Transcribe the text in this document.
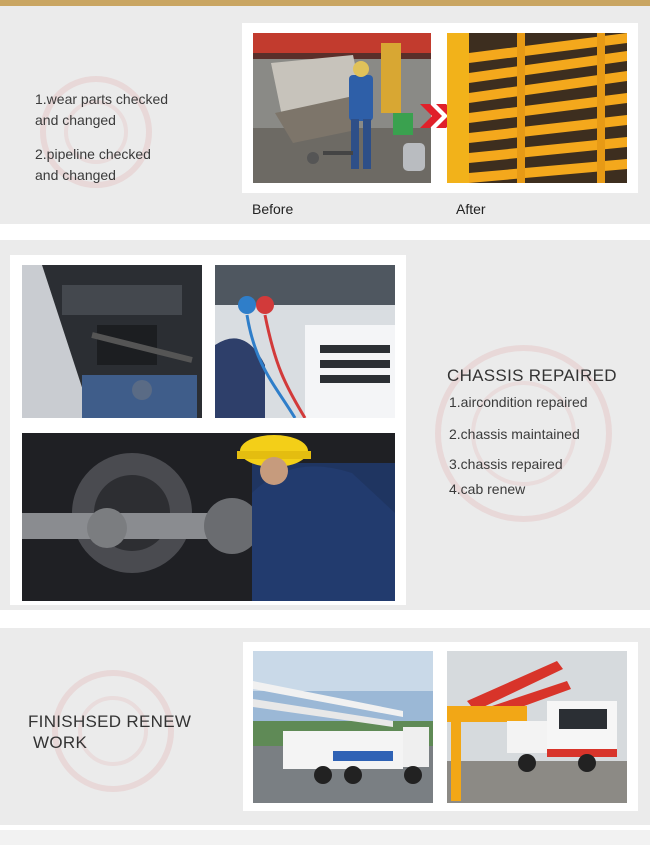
1.wear parts checked
and changed
2.pipeline checked
and changed
Before	After
CHASSIS REPAIRED
1.aircondition repaired
2.chassis maintained
3.chassis repaired
4.cab renew
FINISHSED RENEW
WORK
